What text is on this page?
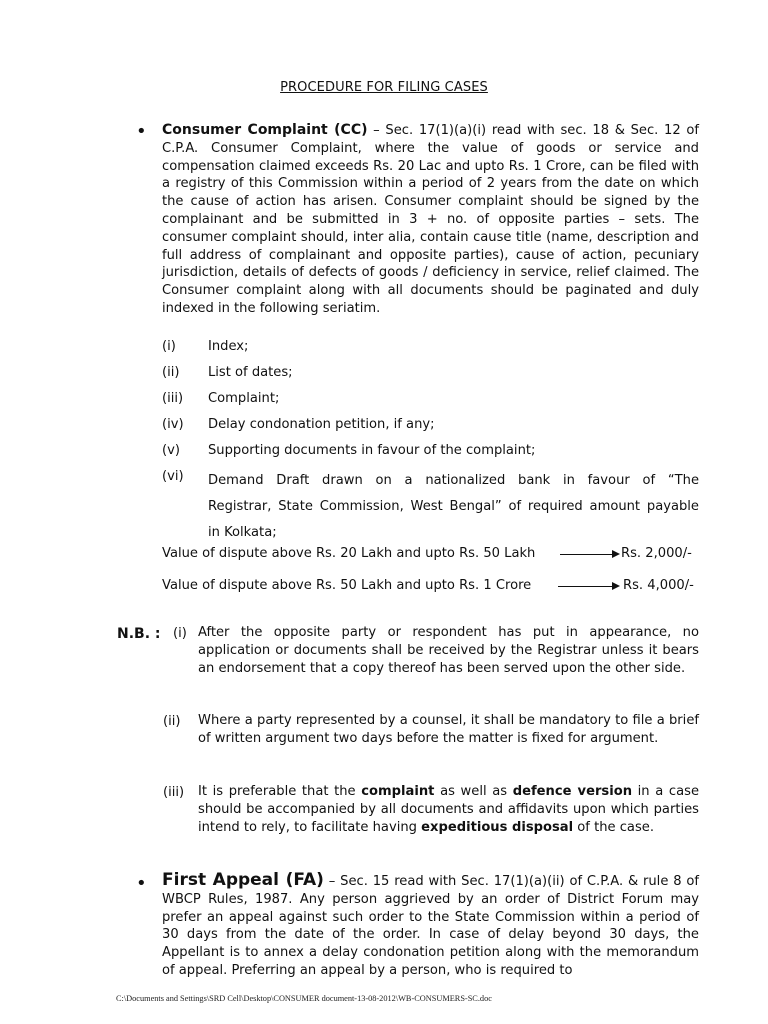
PROCEDURE FOR FILING CASES
• Consumer Complaint (CC) – Sec. 17(1)(a)(i) read with sec. 18 & Sec. 12 of C.P.A. Consumer Complaint, where the value of goods or service and compensation claimed exceeds Rs. 20 Lac and upto Rs. 1 Crore, can be filed with a registry of this Commission within a period of 2 years from the date on which the cause of action has arisen. Consumer complaint should be signed by the complainant and be submitted in 3 + no. of opposite parties – sets. The consumer complaint should, inter alia, contain cause title (name, description and full address of complainant and opposite parties), cause of action, pecuniary jurisdiction, details of defects of goods / deficiency in service, relief claimed. The Consumer complaint along with all documents should be paginated and duly indexed in the following seriatim.
(i) Index;
(ii) List of dates;
(iii) Complaint;
(iv) Delay condonation petition, if any;
(v) Supporting documents in favour of the complaint;
(vi) Demand Draft drawn on a nationalized bank in favour of “The
Registrar, State Commission, West Bengal” of required amount payable
in Kolkata;
Value of dispute above Rs. 20 Lakh and upto Rs. 50 Lakh	Rs. 2,000/-
Value of dispute above Rs. 50 Lakh and upto Rs. 1 Crore	Rs. 4,000/-
N.B. : (i) After the opposite party or respondent has put in appearance, no application or documents shall be received by the Registrar unless it bears an endorsement that a copy thereof has been served upon the other side.
(ii) Where a party represented by a counsel, it shall be mandatory to file a brief of written argument two days before the matter is fixed for argument.
(iii) It is preferable that the complaint as well as defence version in a case should be accompanied by all documents and affidavits upon which parties intend to rely, to facilitate having expeditious disposal of the case.
• First Appeal (FA) – Sec. 15 read with Sec. 17(1)(a)(ii) of C.P.A. & rule 8 of WBCP Rules, 1987. Any person aggrieved by an order of District Forum may prefer an appeal against such order to the State Commission within a period of 30 days from the date of the order. In case of delay beyond 30 days, the Appellant is to annex a delay condonation petition along with the memorandum of appeal. Preferring an appeal by a person, who is required to
C:\Documents and Settings\SRD Cell\Desktop\CONSUMER document-13-08-2012\WB-CONSUMERS-SC.doc
